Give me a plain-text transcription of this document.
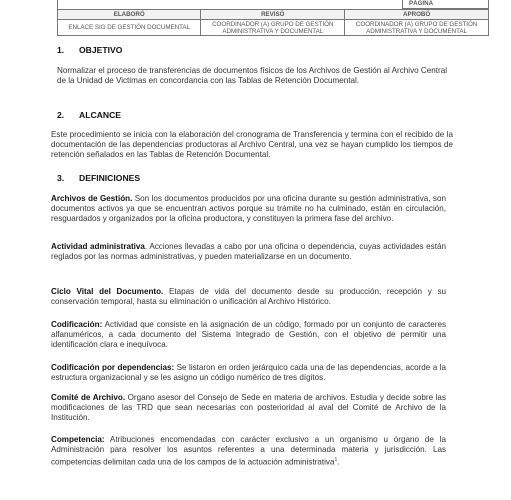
PÁGINA
ELABORÓ	REVISÓ	APROBÓ
ENLACE SIG DE GESTIÓN DOCUMENTAL	COORDINADOR (A) GRUPO DE GESTIÓN ADMINISTRATIVA Y DOCUMENTAL	COORDINADOR (A) GRUPO DE GESTIÓN ADMINISTRATIVA Y DOCUMENTAL
1. OBJETIVO
Normalizar el proceso de transferencias de documentos físicos de los Archivos de Gestión al Archivo Central de la Unidad de Victimas en concordancia con las Tablas de Retención Documental.
2. ALCANCE
Este procedimiento se inicia con la elaboración del cronograma de Transferencia y termina con el recibido de la documentación de las dependencias productoras al Archivo Central, una vez se hayan cumplido los tiempos de retención señalados en las Tablas de Retención Documental.
3. DEFINICIONES
Archivos de Gestión. Son los documentos producidos por una oficina durante su gestión administrativa, son documentos activos ya que se encuentran activos porque su trámite no ha culminado, están en circulación, resguardados y organizados por la oficina productora, y constituyen la primera fase del archivo.
Actividad administrativa. Acciones llevadas a cabo por una oficina o dependencia, cuyas actividades están reglados por las normas administrativas, y pueden materializarse en un documento.
Ciclo Vital del Documento. Etapas de vida del documento desde su producción, recepción y su conservación temporal, hasta su eliminación o unificación al Archivo Histórico.
Codificación: Actividad que consiste en la asignación de un código, formado por un conjunto de caracteres alfanuméricos, a cada documento del Sistema Integrado de Gestión, con el objetivo de permitir una identificación clara e inequívoca.
Codificación por dependencias: Se listaron en orden jerárquico cada una de las dependencias, acorde a la estructura organizacional y se les asigno un código numérico de tres dígitos.
Comité de Archivo. Organo asesor del Consejo de Sede en materia de archivos. Estudia y decide sobre las modificaciones de las TRD que sean necesarias con posterioridad al aval del Comité de Archivo de la Institución.
Competencia: Atribuciones encomendadas con carácter exclusivo a un organismo u órgano de la Administración para resolver los asuntos referentes a una determinada materia y jurisdicción. Las competencias delimitan cada una de los campos de la actuación administrativa$^1$.
